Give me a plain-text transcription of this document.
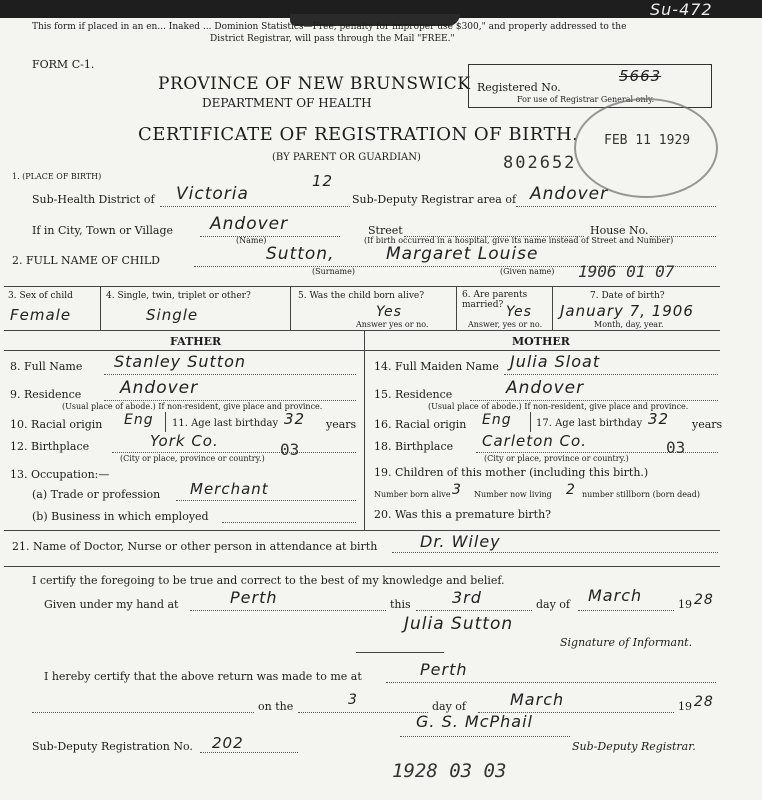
This form if placed in an en... Inaked ... Dominion Statistics—Free, penalty for improper use $300," and properly addressed to the
District Registrar, will pass through the Mail "FREE."
Su-472
FORM C-1.
PROVINCE OF NEW BRUNSWICK
DEPARTMENT OF HEALTH
CERTIFICATE OF REGISTRATION OF BIRTH.
(BY PARENT OR GUARDIAN)
Registered No.
5663
For use of Registrar General only.
FEB 11 1929
802652
1. (PLACE OF BIRTH)
Sub-Health District of Victoria
12
Sub-Deputy Registrar area of Andover
If in City, Town or Village Andover
(Name)
Street
(If birth occurred in a hospital, give its name instead of Street and Number)
House No.
2. FULL NAME OF CHILD	Sutton,	Margaret Louise
(Surname)	(Given name) 1906 01 07
3. Sex of child
Female
4. Single, twin, triplet or other?
Single
5. Was the child born alive?
Yes
Answer yes or no.
6. Are parents married? Yes
Answer, yes or no.
7. Date of birth?
January 7, 1906
Month, day, year.
FATHER	MOTHER
8. Full Name Stanley Sutton
9. Residence Andover
(Usual place of abode.) If non-resident, give place and province.
10. Racial origin Eng 11. Age last birthday 32 years
12. Birthplace	York Co.	03
(City or place, province or country.)
13. Occupation:—
(a) Trade or profession Merchant
(b) Business in which employed
14. Full Maiden Name Julia Sloat
15. Residence	Andover
(Usual place of abode.) If non-resident, give place and province.
16. Racial origin Eng 17. Age last birthday 32 years
18. Birthplace Carleton Co.	03
(City or place, province or country.)
19. Children of this mother (including this birth.)
Number born alive 3 Number now living 2 number stillborn (born dead)
20. Was this a premature birth?
21. Name of Doctor, Nurse or other person in attendance at birth	Dr. Wiley
I certify the foregoing to be true and correct to the best of my knowledge and belief.
Given under my hand at	Perth	this	3rd	day of March	19 28
Julia Sutton
Signature of Informant.
I hereby certify that the above return was made to me at	Perth
on the	3	day of	March	19 28
G. S. McPhail
Sub-Deputy Registration No. 202	Sub-Deputy Registrar.
1928 03 03
